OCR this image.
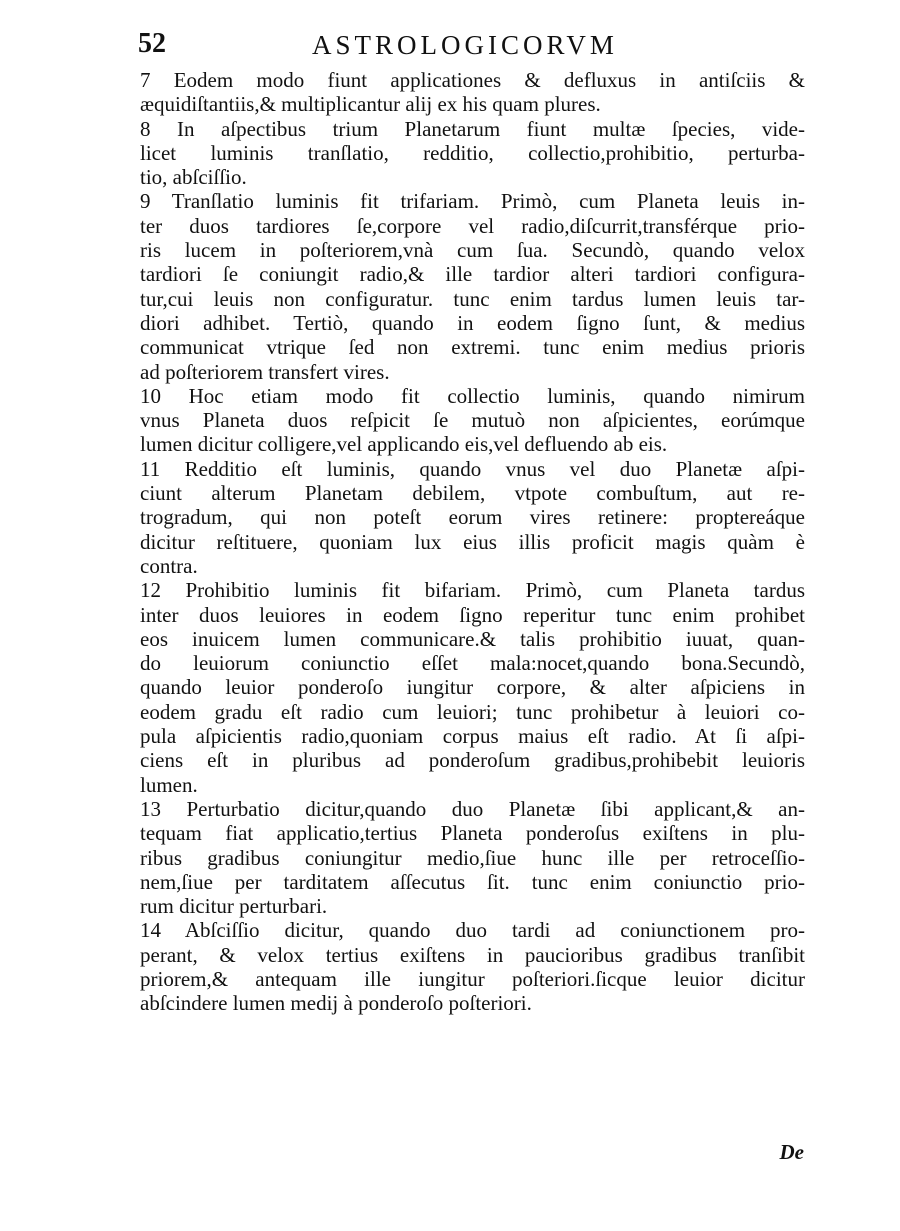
52	ASTROLOGICORVM
7 Eodem modo fiunt applicationes & defluxus in antiſciis &
æquidiſtantiis,& multiplicantur alij ex his quam plures.
8 In aſpectibus trium Planetarum fiunt multæ ſpecies, vide-
licet luminis tranſlatio, redditio, collectio,prohibitio, perturba-
tio, abſciſſio.
9 Tranſlatio luminis fit trifariam. Primò, cum Planeta leuis in-
ter duos tardiores ſe,corpore vel radio,diſcurrit,transférque prio-
ris lucem in poſteriorem,vnà cum ſua. Secundò, quando velox
tardiori ſe coniungit radio,& ille tardior alteri tardiori configura-
tur,cui leuis non configuratur. tunc enim tardus lumen leuis tar-
diori adhibet. Tertiò, quando in eodem ſigno ſunt, & medius
communicat vtrique ſed non extremi. tunc enim medius prioris
ad poſteriorem transfert vires.
10 Hoc etiam modo fit collectio luminis, quando nimirum
vnus Planeta duos reſpicit ſe mutuò non aſpicientes, eorúmque
lumen dicitur colligere,vel applicando eis,vel defluendo ab eis.
11 Redditio eſt luminis, quando vnus vel duo Planetæ aſpi-
ciunt alterum Planetam debilem, vtpote combuſtum, aut re-
trogradum, qui non poteſt eorum vires retinere: proptereáque
dicitur reſtituere, quoniam lux eius illis proficit magis quàm è
contra.
12 Prohibitio luminis fit bifariam. Primò, cum Planeta tardus
inter duos leuiores in eodem ſigno reperitur tunc enim prohibet
eos inuicem lumen communicare.& talis prohibitio iuuat, quan-
do leuiorum coniunctio eſſet mala:nocet,quando bona.Secundò,
quando leuior ponderoſo iungitur corpore, & alter aſpiciens in
eodem gradu eſt radio cum leuiori; tunc prohibetur à leuiori co-
pula aſpicientis radio,quoniam corpus maius eſt radio. At ſi aſpi-
ciens eſt in pluribus ad ponderoſum gradibus,prohibebit leuioris
lumen.
13 Perturbatio dicitur,quando duo Planetæ ſibi applicant,& an-
tequam fiat applicatio,tertius Planeta ponderoſus exiſtens in plu-
ribus gradibus coniungitur medio,ſiue hunc ille per retroceſſio-
nem,ſiue per tarditatem aſſecutus ſit. tunc enim coniunctio prio-
rum dicitur perturbari.
14 Abſciſſio dicitur, quando duo tardi ad coniunctionem pro-
perant, & velox tertius exiſtens in paucioribus gradibus tranſibit
priorem,& antequam ille iungitur poſteriori.ſicque leuior dicitur
abſcindere lumen medij à ponderoſo poſteriori.
De
